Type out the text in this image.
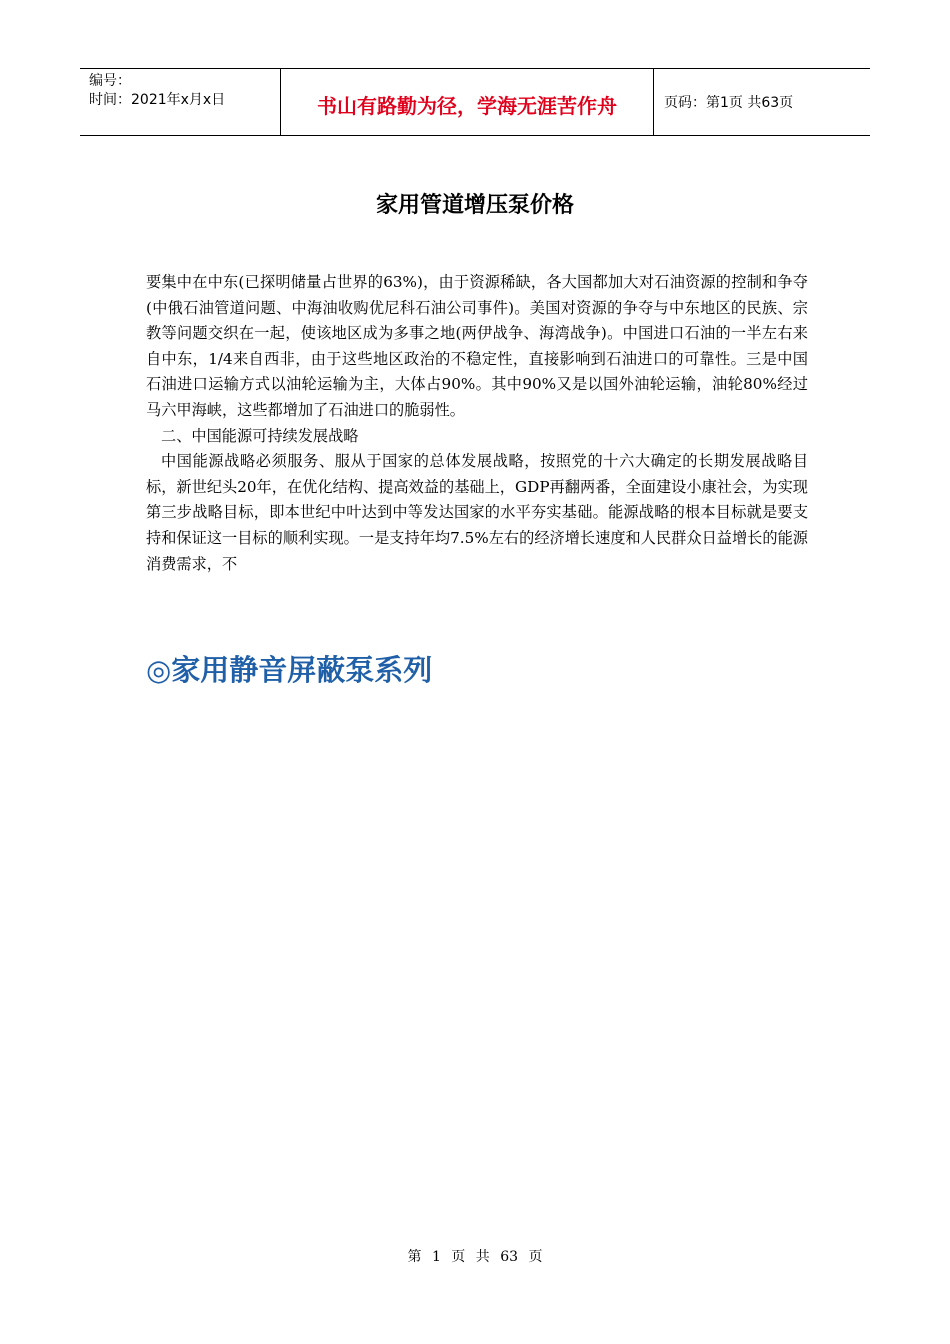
编号：
时间：2021年x月x日	书山有路勤为径，学海无涯苦作舟	页码：第1页 共63页
家用管道增压泵价格

要集中在中东(已探明储量占世界的63%)，由于资源稀缺，各大国都加大对石油资源的控制和争夺(中俄石油管道问题、中海油收购优尼科石油公司事件)。美国对资源的争夺与中东地区的民族、宗教等问题交织在一起，使该地区成为多事之地(两伊战争、海湾战争)。中国进口石油的一半左右来自中东，1/4来自西非，由于这些地区政治的不稳定性，直接影响到石油进口的可靠性。三是中国石油进口运输方式以油轮运输为主，大体占90%。其中90%又是以国外油轮运输，油轮80%经过马六甲海峡，这些都增加了石油进口的脆弱性。

二、中国能源可持续发展战略

中国能源战略必须服务、服从于国家的总体发展战略，按照党的十六大确定的长期发展战略目标，新世纪头20年，在优化结构、提高效益的基础上，GDP再翻两番，全面建设小康社会，为实现第三步战略目标，即本世纪中叶达到中等发达国家的水平夯实基础。能源战略的根本目标就是要支持和保证这一目标的顺利实现。一是支持年均7.5%左右的经济增长速度和人民群众日益增长的能源消费需求，不

◎家用静音屏蔽泵系列
第 1 页 共 63 页
